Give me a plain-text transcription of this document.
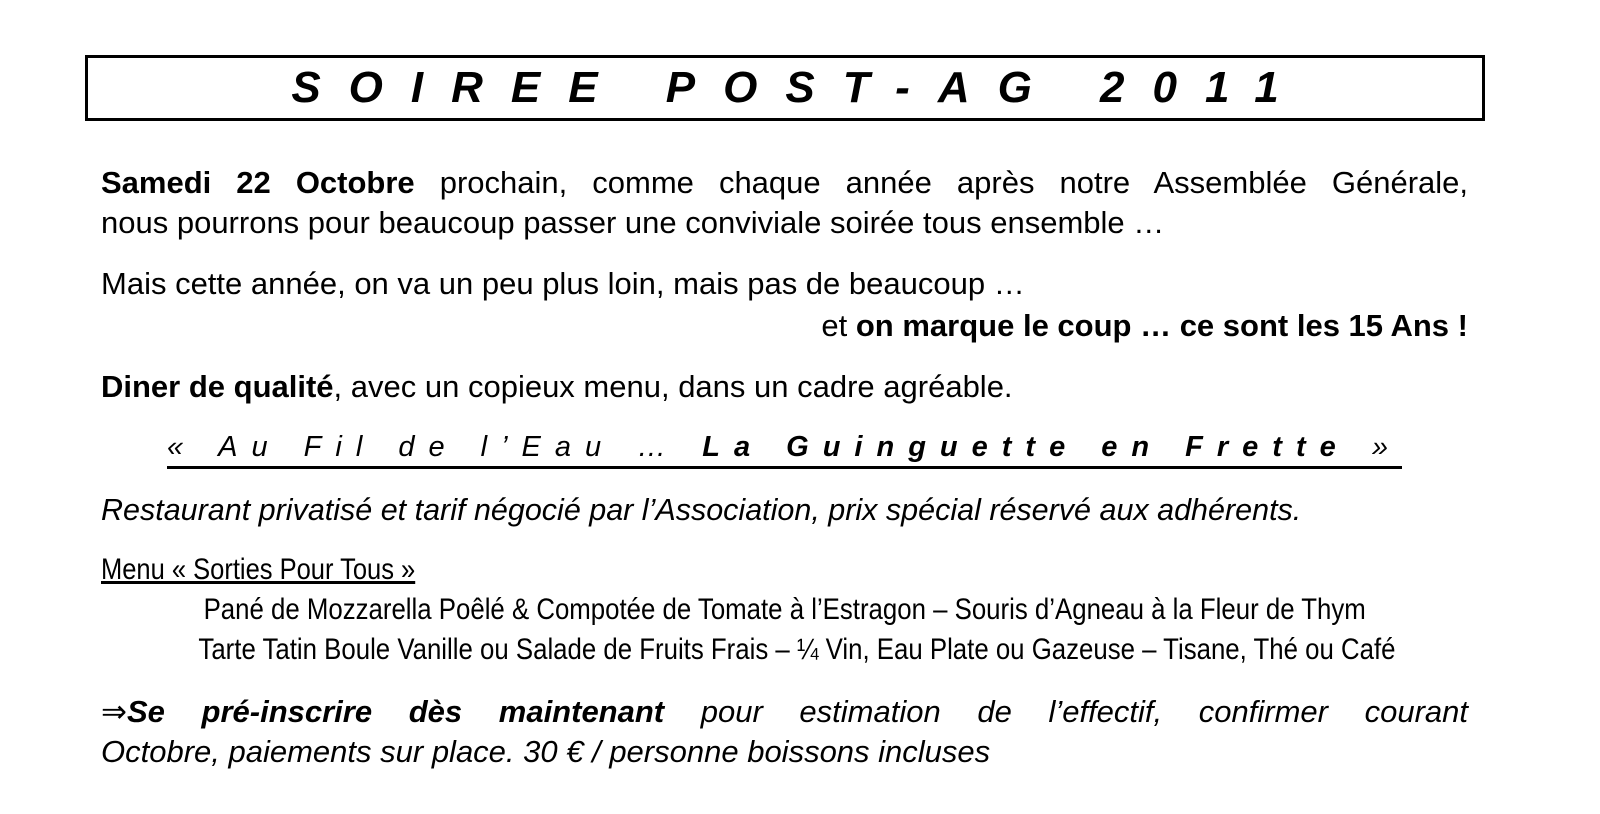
SOIREE POST-AG 2011
Samedi 22 Octobre prochain, comme chaque année après notre Assemblée Générale,
nous pourrons pour beaucoup passer une conviviale soirée tous ensemble …
Mais cette année, on va un peu plus loin, mais pas de beaucoup …
et on marque le coup … ce sont les 15 Ans !
Diner de qualité, avec un copieux menu, dans un cadre agréable.
« Au Fil de l’Eau … La Guinguette en Frette »
Restaurant privatisé et tarif négocié par l’Association, prix spécial réservé aux adhérents.
Menu « Sorties Pour Tous »
Pané de Mozzarella Poêlé & Compotée de Tomate à l’Estragon – Souris d’Agneau à la Fleur de Thym
Tarte Tatin Boule Vanille ou Salade de Fruits Frais – ¼ Vin, Eau Plate ou Gazeuse – Tisane, Thé ou Café
⇒Se pré-inscrire dès maintenant pour estimation de l’effectif, confirmer courant
Octobre, paiements sur place. 30 € / personne boissons incluses
